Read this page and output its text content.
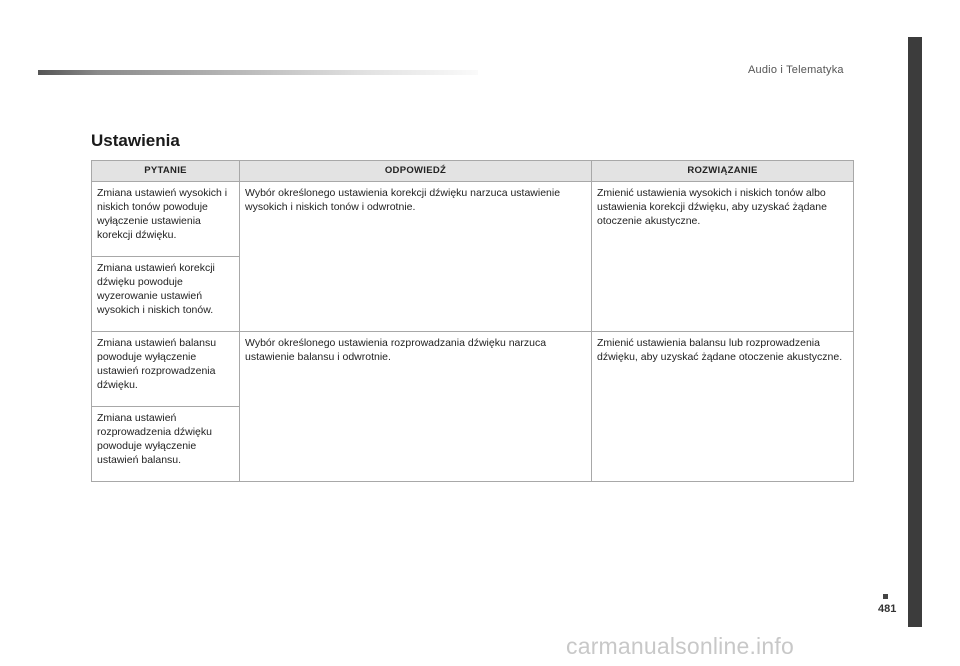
Audio i Telematyka
481
Ustawienia
PYTANIE	ODPOWIEDŹ	ROZWIĄZANIE
Zmiana ustawień wysokich i niskich tonów powoduje wyłączenie ustawienia korekcji dźwięku.	Wybór określonego ustawienia korekcji dźwięku narzuca ustawienie wysokich i niskich tonów i odwrotnie.	Zmienić ustawienia wysokich i niskich tonów albo ustawienia korekcji dźwięku, aby uzyskać żądane otoczenie akustyczne.
Zmiana ustawień korekcji dźwięku powoduje wyzerowanie ustawień wysokich i niskich tonów.		
Zmiana ustawień balansu powoduje wyłączenie ustawień rozprowadzenia dźwięku.	Wybór określonego ustawienia rozprowadzania dźwięku narzuca ustawienie balansu i odwrotnie.	Zmienić ustawienia balansu lub rozprowadzenia dźwięku, aby uzyskać żądane otoczenie akustyczne.
Zmiana ustawień rozprowadzenia dźwięku powoduje wyłączenie ustawień balansu.		
carmanualsonline.info
